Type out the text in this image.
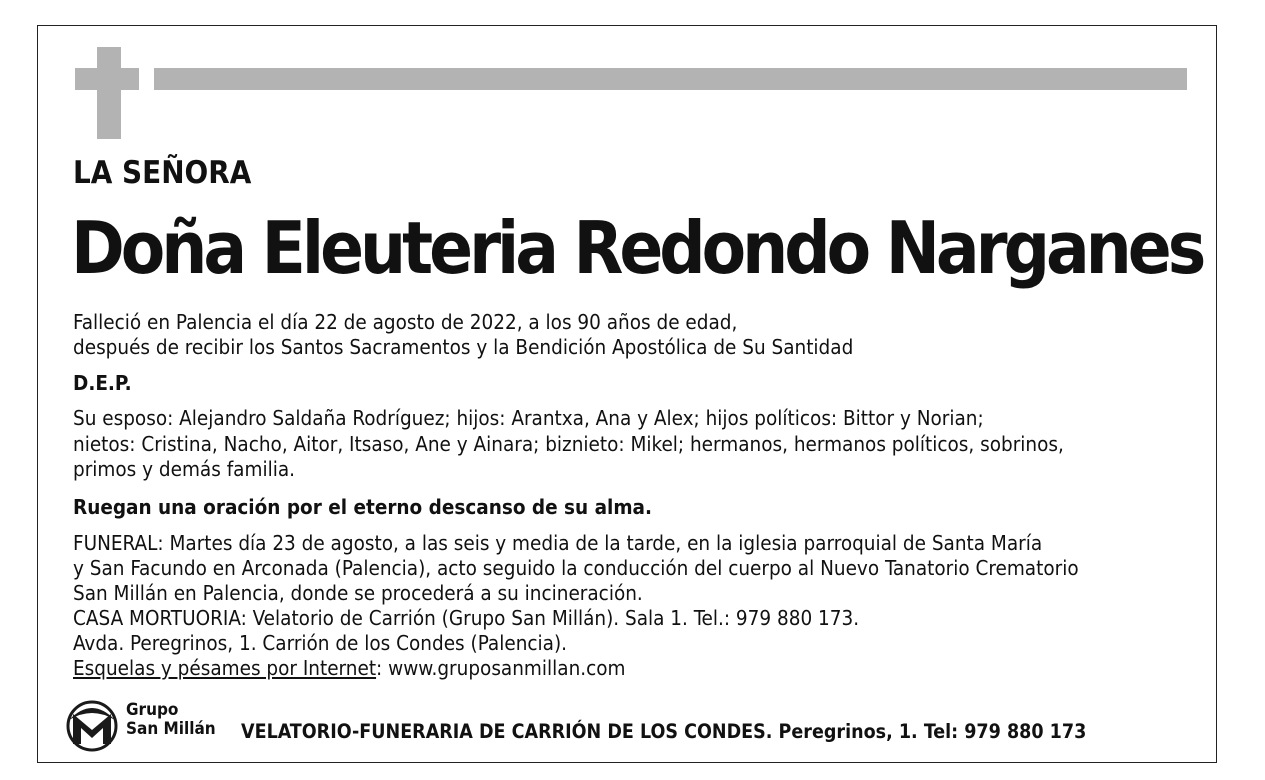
LA SEÑORA

Doña Eleuteria Redondo Narganes

Falleció en Palencia el día 22 de agosto de 2022, a los 90 años de edad,

después de recibir los Santos Sacramentos y la Bendición Apostólica de Su Santidad

D.E.P.

Su esposo: Alejandro Saldaña Rodríguez; hijos: Arantxa, Ana y Alex; hijos políticos: Bittor y Norian;

nietos: Cristina, Nacho, Aitor, Itsaso, Ane y Ainara; biznieto: Mikel; hermanos, hermanos políticos, sobrinos,

primos y demás familia.

Ruegan una oración por el eterno descanso de su alma.

FUNERAL: Martes día 23 de agosto, a las seis y media de la tarde, en la iglesia parroquial de Santa María

y San Facundo en Arconada (Palencia), acto seguido la conducción del cuerpo al Nuevo Tanatorio Crematorio

San Millán en Palencia, donde se procederá a su incineración.

CASA MORTUORIA: Velatorio de Carrión (Grupo San Millán). Sala 1. Tel.: 979 880 173.

Avda. Peregrinos, 1. Carrión de los Condes (Palencia).

Esquelas y pésames por Internet: www.gruposanmillan.com

Grupo
San Millán VELATORIO-FUNERARIA DE CARRIÓN DE LOS CONDES. Peregrinos, 1. Tel: 979 880 173
